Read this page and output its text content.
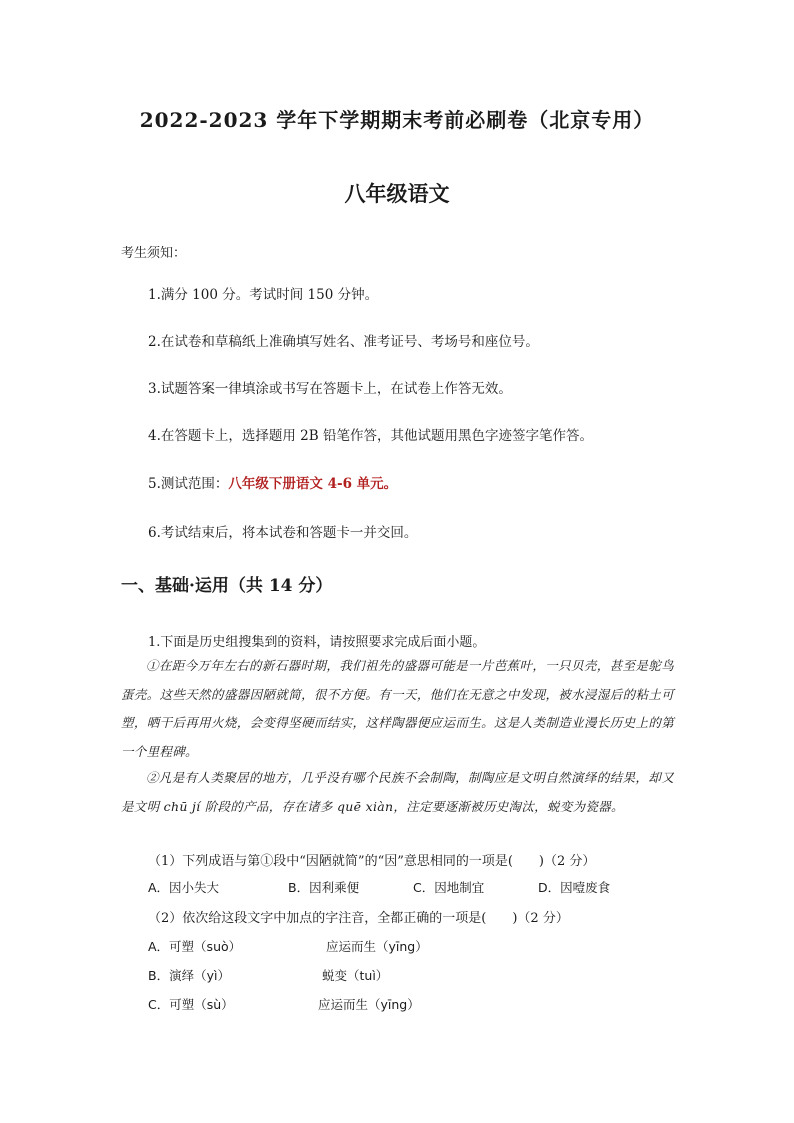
2022-2023 学年下学期期末考前必刷卷（北京专用）
八年级语文
考生须知：
1.满分 100 分。考试时间 150 分钟。
2.在试卷和草稿纸上准确填写姓名、准考证号、考场号和座位号。
3.试题答案一律填涂或书写在答题卡上，在试卷上作答无效。
4.在答题卡上，选择题用 2B 铅笔作答，其他试题用黑色字迹签字笔作答。
5.测试范围：八年级下册语文 4-6 单元。
6.考试结束后，将本试卷和答题卡一并交回。
一、基础·运用（共 14 分）
1.下面是历史组搜集到的资料，请按照要求完成后面小题。
①在距今万年左右的新石器时期，我们祖先的盛器可能是一片芭蕉叶，一只贝壳，甚至是鸵鸟蛋壳。这些天然的盛器因陋就简，很不方便。有一天，他们在无意之中发现，被水浸湿后的粘土可塑，晒干后再用火烧，会变得坚硬而结实，这样陶器便应运而生。这是人类制造业漫长历史上的第一个里程碑。
②凡是有人类聚居的地方，几乎没有哪个民族不会制陶，制陶应是文明自然演绎的结果，却又是文明 chū jí 阶段的产品，存在诸多 quē xiàn，注定要逐渐被历史淘汰，蜕变为瓷器。
（1）下列成语与第①段中“因陋就简”的“因”意思相同的一项是(　　)（2 分）
A．因小失大	B．因利乘便	C．因地制宜	D．因噎废食
（2）依次给这段文字中加点的字注音，全都正确的一项是(　　)（2 分）
A．可塑（suò）	应运而生（yīng）
B．演绎（yì）	蜕变（tuì）
C．可塑（sù）	应运而生（yīng）
